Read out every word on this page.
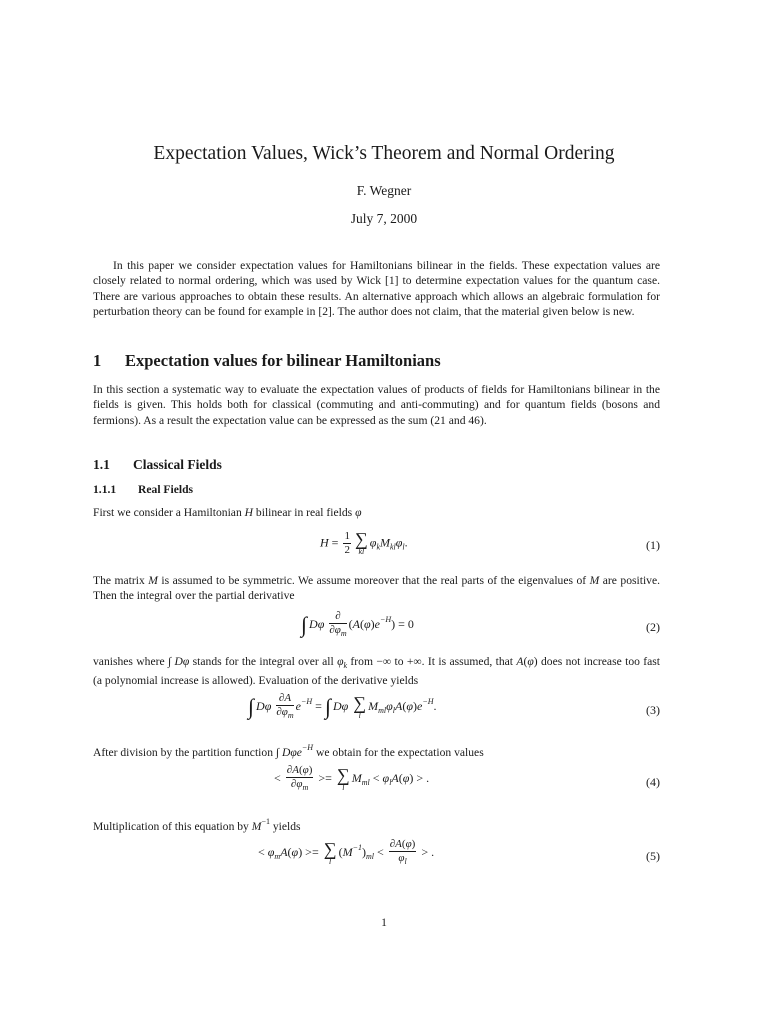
Expectation Values, Wick’s Theorem and Normal Ordering
F. Wegner
July 7, 2000
In this paper we consider expectation values for Hamiltonians bilinear in the fields. These expectation values are closely related to normal ordering, which was used by Wick [1] to determine expectation values for the quantum case. There are various approaches to obtain these results. An alternative approach which allows an algebraic formulation for perturbation theory can be found for example in [2]. The author does not claim, that the material given below is new.
1 Expectation values for bilinear Hamiltonians
In this section a systematic way to evaluate the expectation values of products of fields for Hamiltonians bilinear in the fields is given. This holds both for classical (commuting and anti-commuting) and for quantum fields (bosons and fermions). As a result the expectation value can be expressed as the sum (21 and 46).
1.1 Classical Fields
1.1.1 Real Fields
First we consider a Hamiltonian H bilinear in real fields φ
$H = \frac{1}{2}$ ∑
kl
$\varphi_kM_{kl}\varphi_l$.	(1)
The matrix M is assumed to be symmetric. We assume moreover that the real parts of the eigenvalues of M are positive. Then the integral over the partial derivative
∫ Dφ $\frac{\partial}{\partial\varphi_m} (A(\varphi)e^{-H}) = 0$	(2)
vanishes where ∫ Dφ stands for the integral over all $\varphi_k$ from −∞ to +∞. It is assumed, that A(φ) does not increase too fast (a polynomial increase is allowed). Evaluation of the derivative yields
∫ Dφ $\frac{\partial A}{\partial\varphi_m} e^{-H}$ = ∫ Dφ ∑
l
$M_{ml}\varphi_lA(\varphi)e^{-H}$.	(3)
After division by the partition function ∫ Dφe$^{-H}$ we obtain for the expectation values
< $\frac{\partial A(\varphi)}{\partial\varphi_m}$ >= ∑
l
$M_{ml} < \varphi_lA(\varphi)$ > .	(4)
Multiplication of this equation by $M^{-1}$ yields
< $\varphi_mA(\varphi)$ >= ∑
l
$(M^{-1})_{ml} < \frac{\partial A(\varphi)}{\varphi_l}$ > .	(5)
1
